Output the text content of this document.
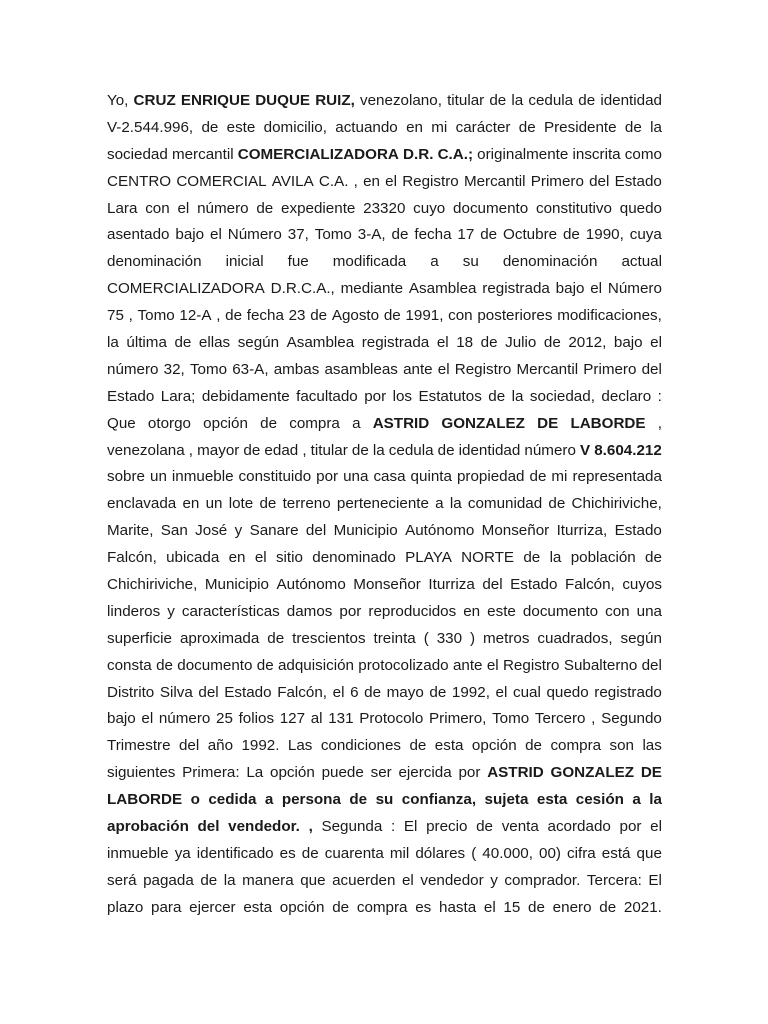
Yo, CRUZ ENRIQUE DUQUE RUIZ, venezolano, titular de la cedula de identidad
V-2.544.996, de este domicilio, actuando en mi carácter de Presidente de la
sociedad mercantil COMERCIALIZADORA D.R. C.A.; originalmente inscrita como
CENTRO COMERCIAL AVILA C.A. , en el Registro Mercantil Primero del Estado
Lara con el número de expediente 23320 cuyo documento constitutivo quedo
asentado bajo el Número 37, Tomo 3-A, de fecha 17 de Octubre de 1990, cuya
denominación inicial fue modificada a su denominación actual
COMERCIALIZADORA D.R.C.A., mediante Asamblea registrada bajo el Número
75 , Tomo 12-A , de fecha 23 de Agosto de 1991, con posteriores modificaciones,
la última de ellas según Asamblea registrada el 18 de Julio de 2012, bajo el
número 32, Tomo 63-A, ambas asambleas ante el Registro Mercantil Primero del
Estado Lara; debidamente facultado por los Estatutos de la sociedad, declaro :
Que otorgo opción de compra a ASTRID GONZALEZ DE LABORDE ,
venezolana , mayor de edad , titular de la cedula de identidad número V 8.604.212
sobre un inmueble constituido por una casa quinta propiedad de mi representada
enclavada en un lote de terreno perteneciente a la comunidad de Chichiriviche,
Marite, San José y Sanare del Municipio Autónomo Monseñor Iturriza, Estado
Falcón, ubicada en el sitio denominado PLAYA NORTE de la población de
Chichiriviche, Municipio Autónomo Monseñor Iturriza del Estado Falcón, cuyos
linderos y características damos por reproducidos en este documento con una
superficie aproximada de trescientos treinta ( 330 ) metros cuadrados, según
consta de documento de adquisición protocolizado ante el Registro Subalterno del
Distrito Silva del Estado Falcón, el 6 de mayo de 1992, el cual quedo registrado
bajo el número 25 folios 127 al 131 Protocolo Primero, Tomo Tercero , Segundo
Trimestre del año 1992. Las condiciones de esta opción de compra son las
siguientes Primera: La opción puede ser ejercida por ASTRID GONZALEZ DE
LABORDE o cedida a persona de su confianza, sujeta esta cesión a la
aprobación del vendedor. , Segunda : El precio de venta acordado por el
inmueble ya identificado es de cuarenta mil dólares ( 40.000, 00) cifra está que
será pagada de la manera que acuerden el vendedor y comprador. Tercera: El
plazo para ejercer esta opción de compra es hasta el 15 de enero de 2021.
